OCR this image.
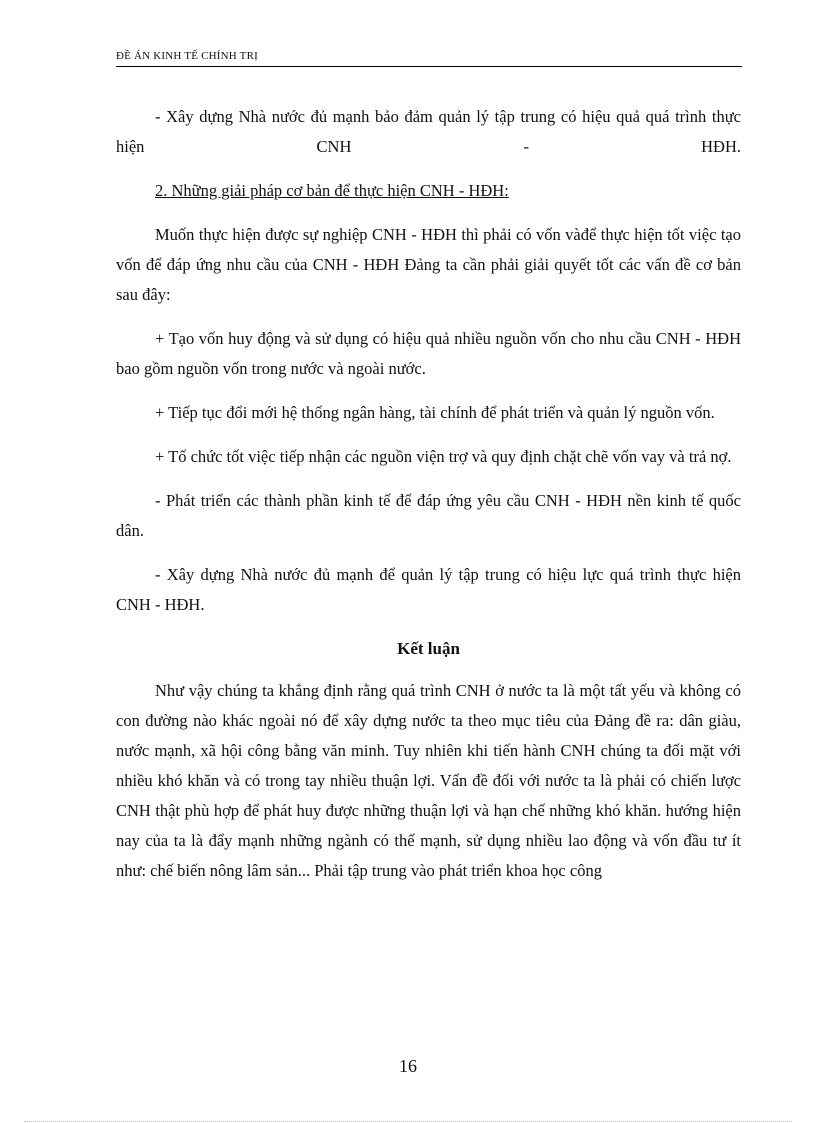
ĐỀ ÁN KINH TẾ CHÍNH TRỊ

- Xây dựng Nhà nước đủ mạnh bảo đảm quản lý tập trung có hiệu quả quá trình thực hiện CNH - HĐH.

2. Những giải pháp cơ bản để thực hiện CNH - HĐH:

Muốn thực hiện được sự nghiệp CNH - HĐH thì phải có vốn vàđể thực hiện tốt việc tạo vốn để đáp ứng nhu cầu của CNH - HĐH Đảng ta cần phải giải quyết tốt các vấn đề cơ bản sau đây:

+ Tạo vốn huy động và sử dụng có hiệu quả nhiều nguồn vốn cho nhu cầu CNH - HĐH bao gồm nguồn vốn trong nước và ngoài nước.

+ Tiếp tục đổi mới hệ thống ngân hàng, tài chính để phát triển và quản lý nguồn vốn.

+ Tổ chức tốt việc tiếp nhận các nguồn viện trợ và quy định chặt chẽ vốn vay và trả nợ.

- Phát triển các thành phần kinh tế để đáp ứng yêu cầu CNH - HĐH nền kinh tế quốc dân.

- Xây dựng Nhà nước đủ mạnh để quản lý tập trung có hiệu lực quá trình thực hiện CNH - HĐH.

Kết luận

Như vậy chúng ta khẳng định rằng quá trình CNH ở nước ta là một tất yếu và không có con đường nào khác ngoài nó để xây dựng nước ta theo mục tiêu của Đảng đề ra: dân giàu, nước mạnh, xã hội công bằng văn minh. Tuy nhiên khi tiến hành CNH chúng ta đối mặt với nhiều khó khăn và có trong tay nhiều thuận lợi. Vấn đề đối với nước ta là phải có chiến lược CNH thật phù hợp để phát huy được những thuận lợi và hạn chế những khó khăn. hướng hiện nay của ta là đẩy mạnh những ngành có thế mạnh, sử dụng nhiều lao động và vốn đầu tư ít như: chế biến nông lâm sản... Phải tập trung vào phát triển khoa học công

16
